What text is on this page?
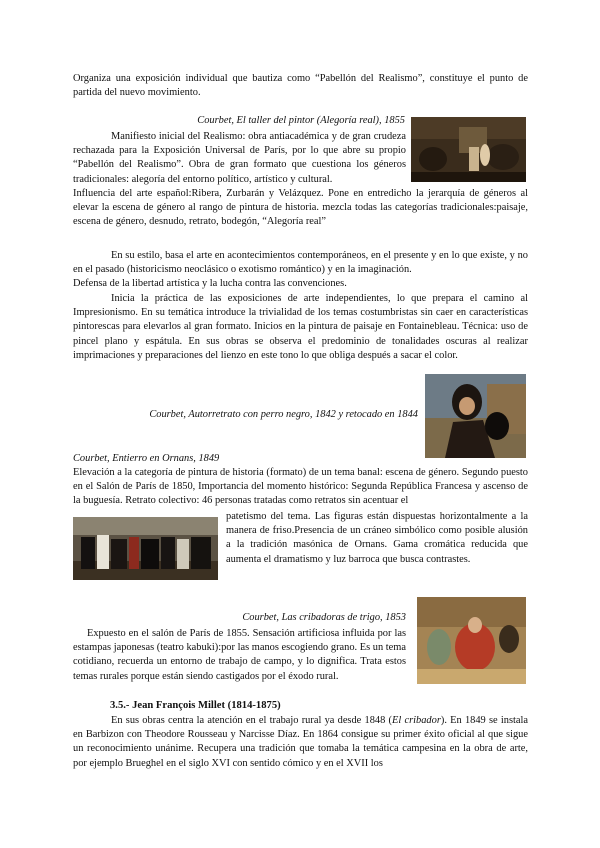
Organiza una exposición individual que bautiza como “Pabellón del Realismo”, constituye el punto de partida del nuevo movimiento.

Courbet, El taller del pintor (Alegoría real), 1855

Manifiesto inicial del Realismo: obra antiacadémica y de gran crudeza rechazada para la Exposición Universal de París, por lo que abre su propio “Pabellón del Realismo”. Obra de gran formato que cuestiona los géneros tradicionales: alegoría del entorno político, artístico y cultural.

Influencia del arte español:Ribera, Zurbarán y Velázquez. Pone en entredicho la jerarquía de géneros al elevar la escena de género al rango de pintura de historia. mezcla todas las categorías tradicionales:paisaje, escena de género, desnudo, retrato, bodegón, “Alegoría real”

En su estilo, basa el arte en acontecimientos contemporáneos, en el presente y en lo que existe, y no en el pasado (historicismo neoclásico o exotismo romántico) y en la imaginación.

Defensa de la libertad artística y la lucha contra las convenciones.

Inicia la práctica de las exposiciones de arte independientes, lo que prepara el camino al Impresionismo. En su temática introduce la trivialidad de los temas costumbristas sin caer en características pintorescas para elevarlos al gran formato. Inicios en la pintura de paisaje en Fontainebleau. Técnica: uso de pincel plano y espátula. En sus obras se observa el predominio de tonalidades oscuras al realizar imprimaciones y preparaciones del lienzo en este tono lo que obliga después a sacar el color.

Courbet, Autorretrato con perro negro, 1842 y retocado en 1844

Courbet, Entierro en Ornans, 1849

Elevación a la categoría de pintura de historia (formato) de un tema banal: escena de género. Segundo puesto en el Salón de París de 1850, Importancia del momento histórico: Segunda República Francesa y ascenso de la buguesía. Retrato colectivo: 46 personas tratadas como retratos sin acentuar el

patetismo del tema. Las figuras están dispuestas horizontalmente a la manera de friso.Presencia de un cráneo simbólico como posible alusión a la tradición masónica de Ornans. Gama cromática reducida que aumenta el dramatismo y luz barroca que busca contrastes.

Courbet, Las cribadoras de trigo, 1853

Expuesto en el salón de París de 1855. Sensación artificiosa influida por las estampas japonesas (teatro kabuki):por las manos escogiendo grano. Es un tema cotidiano, recuerda un entorno de trabajo de campo, y lo dignifica. Trata estos temas rurales porque están siendo castigados por el éxodo rural.

3.5.- Jean François Millet (1814-1875)

En sus obras centra la atención en el trabajo rural ya desde 1848 (El cribador). En 1849 se instala en Barbizon con Theodore Rousseau y Narcisse Díaz. En 1864 consigue su primer éxito oficial al que sigue un reconocimiento unánime. Recupera una tradición que tomaba la temática campesina en la obra de arte, por ejemplo Brueghel en el siglo XVI con sentido cómico y en el XVII los
